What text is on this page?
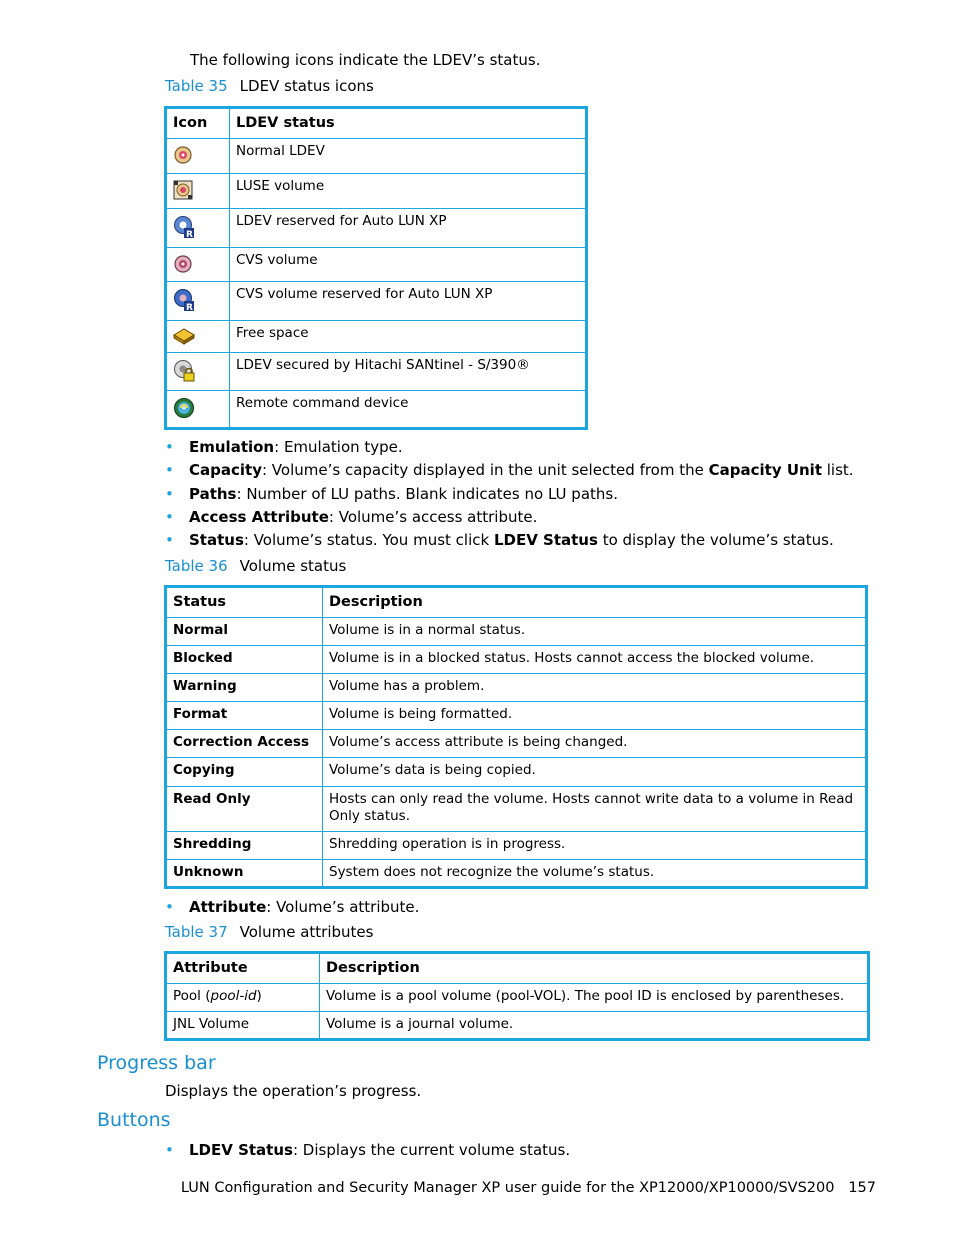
The following icons indicate the LDEV’s status.
Table 35 LDEV status icons
Icon	LDEV status

	Normal LDEV

	LUSE volume

R	LDEV reserved for Auto LUN XP

	CVS volume

R	CVS volume reserved for Auto LUN XP

	Free space

	LDEV secured by Hitachi SANtinel - S/390®

	Remote command device
• Emulation: Emulation type.
• Capacity: Volume’s capacity displayed in the unit selected from the Capacity Unit list.
• Paths: Number of LU paths. Blank indicates no LU paths.
• Access Attribute: Volume’s access attribute.
• Status: Volume’s status. You must click LDEV Status to display the volume’s status.
Table 36 Volume status
Status	Description
Normal	Volume is in a normal status.
Blocked	Volume is in a blocked status. Hosts cannot access the blocked volume.
Warning	Volume has a problem.
Format	Volume is being formatted.
Correction Access	Volume’s access attribute is being changed.
Copying	Volume’s data is being copied.
Read Only	Hosts can only read the volume. Hosts cannot write data to a volume in Read Only status.
Shredding	Shredding operation is in progress.
Unknown	System does not recognize the volume’s status.
• Attribute: Volume’s attribute.
Table 37 Volume attributes
Attribute	Description
Pool (pool-id)	Volume is a pool volume (pool-VOL). The pool ID is enclosed by parentheses.
JNL Volume	Volume is a journal volume.
Progress bar
Displays the operation’s progress.
Buttons
• LDEV Status: Displays the current volume status.
LUN Configuration and Security Manager XP user guide for the XP12000/XP10000/SVS200 157
